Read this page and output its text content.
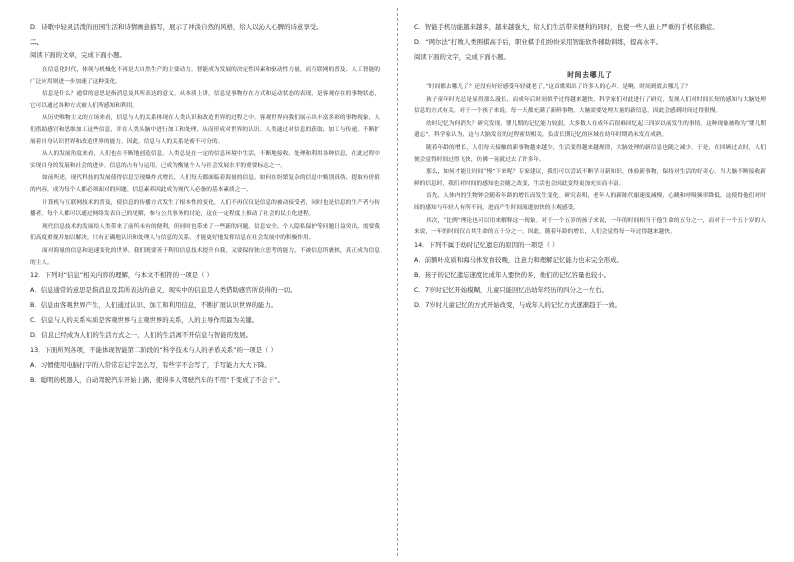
D．诗歌中轻灵活泼的田园生活和诗情画意描写，展示了冲淡自然的风格，给人以沁人心脾的诗意享受。
二、
阅读下面的文章，完成下面小题。

在信息化时代，体现与机械化不再是大自然生产的主要动力。智能成为发展的决定性因素和驱动性力量，而互联网的普及、人工智能的广泛应用则进一步加速了这种变化。

信息是什么？通常的意思是指消息及其所表达的意义。从本质上讲，信息是事物存在方式和运动状态的表现，是客观存在的事物状态，它可以通过各种方式被人们所感知和利用。

从历史唯物主义的立场来看，信息与人的关系体现在人类认识和改造世界的过程之中。客观世界向我们展示出丰富多彩的事物现象，人们借助感官和思维加工这些信息，并在人类头脑中进行加工和处理，从而形成对世界的认识。人类通过对信息的获取、加工与传递，不断扩展着自身认识世界和改造世界的能力。因此，信息与人的关系是密不可分的。

从人的发展角度来看，人们也在不断地创造信息。人类总是在一定的信息环境中生活，不断地接收、处理和利用各种信息，在此过程中实现自身的发展和社会的进步。信息的占有与运用，已成为衡量个人与社会发展水平的重要标志之一。

如前所述，现代科技的发展使得信息呈现爆炸式增长，人们每天都面临着海量的信息。如何在纷繁复杂的信息中甄别真伪、提取有价值的内容，成为每个人都必须面对的问题。信息素养因此成为现代人必备的基本素质之一。

计算机与互联网技术的普及，使信息的传播方式发生了根本性的变化。人们不再仅仅是信息的被动接受者，同时也是信息的生产者与传播者。每个人都可以通过网络发表自己的见解，参与公共事务的讨论，这在一定程度上推动了社会的民主化进程。

现代信息技术的发展给人类带来了前所未有的便利，但同时也带来了一些新的问题。信息安全、个人隐私保护等问题日益突出，需要我们高度重视并加以解决。只有正确地认识和处理人与信息的关系，才能更好地发挥信息在社会发展中的积极作用。

面对海量的信息和迅速变化的世界，我们既要善于利用信息技术提升自我，又要保持独立思考的能力，不被信息所裹挟，真正成为信息的主人。

12．下列对“信息”相关内容的理解，与本文不相符的一项是（ ）
A．信息通常的意思是指消息及其所表达的意义，现实中的信息是人类借助感官所获得的一切。
B．信息由客观世界产生，人们通过认识、加工和利用信息，不断扩展认识世界的能力。
C．信息与人的关系实质是客观世界与主观世界的关系，人的主导作用最为关键。
D．信息已经成为人们的生活方式之一，人们的生活离不开信息与智能的发展。
13．下面所列各项，不能体现智能第二阶段的“科学技术与人的矛盾关系”的一项是（ ）
A．习惯使用电脑打字的人常常忘记字怎么写，有些字不会写了，手写能力大大下降。
B．聪明的机器人，自动驾驶汽车开始上路，使得多人驾驶汽车的不用“千变成了不会干”。
C．智能手机功能越来越多，越来越强大，给人们生活带来便利的同时，也使一些人患上严重的手机依赖症。
D．“网尔法”打败人类围棋高手后，职业棋手们纷纷采用智能软件辅助训练，提高水平。
阅读下面的文字，完成下面小题。
时间去哪儿了

“时间都去哪儿了？还没有好好感受年轻就老了。”这首歌唱出了许多人的心声。是啊，时间到底去哪儿了？

孩子童年时光总是显得那么漫长，而成年后时间似乎过得越来越快。科学家们对此进行了研究，发现人们对时间长短的感知与大脑处理信息的方式有关。对于一个孩子来说，每一天都充满了新鲜事物，大脑需要处理大量的新信息，因此会感到时间过得很慢。

幼时记忆为何消失？研究发现，婴儿期的记忆能力较弱，大多数人在成年后很难回忆起三四岁以前发生的事情。这种现象被称为“婴儿期遗忘”。科学家认为，这与大脑发育的过程密切相关，负责长期记忆的区域在幼年时期尚未发育成熟。

随着年龄的增长，人们每天接触的新事物越来越少，生活变得越来越规律，大脑处理的新信息也随之减少。于是，在回顾过去时，人们便会觉得时间过得飞快，仿佛一晃就过去了许多年。

那么，如何才能让时间“慢”下来呢？专家建议，我们可以尝试不断学习新知识，体验新事物，保持对生活的好奇心。当大脑不断接收新鲜的信息时，我们对时间的感知也会随之改变，生活也会因此变得更加充实而丰富。

首先，人体内的生物钟会随着年龄的增长而发生变化。研究表明，老年人的新陈代谢速度减慢，心跳和呼吸频率降低，这使得他们对时间的感知与年轻人有所不同，进而产生时间流逝加快的主观感受。

其次，“比例”理论也可以用来解释这一现象。对于一个五岁的孩子来说，一年的时间相当于他生命的五分之一，而对于一个五十岁的人来说，一年的时间仅占其生命的五十分之一。因此，随着年龄的增长，人们会觉得每一年过得越来越快。

14．下列不属于幼时记忆遗忘的原因的一项是（ ）
A．前额叶皮质和海马体发育较晚，注意力和理解记忆能力也未完全形成。
B．孩子的记忆遗忘速度比成年人要快的多，他们的记忆容量也较小。
C．7岁时记忆开始模糊，儿童只能回忆出幼年经历的四分之一左右。
D．7岁时儿童记忆的方式开始改变，与成年人的记忆方式逐渐趋于一致。
